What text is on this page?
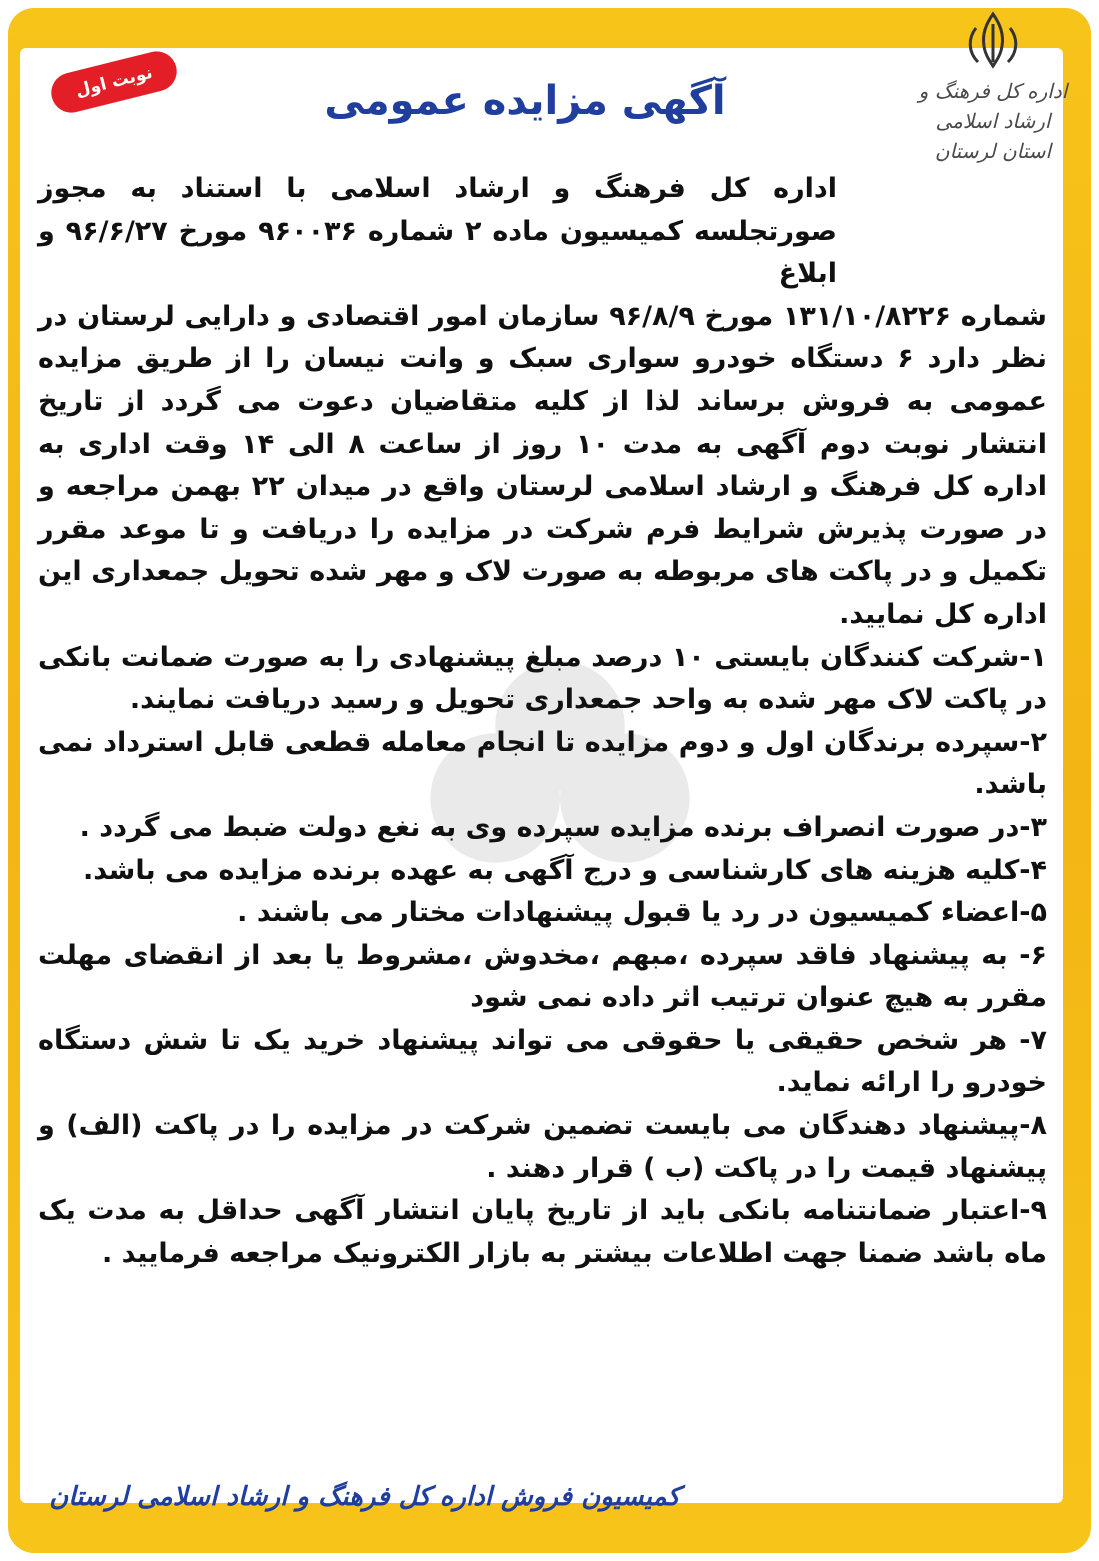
اداره کل فرهنگ و ارشاد اسلامی
استان لرستان
نوبت اول	آگهی مزایده عمومی
اداره کل فرهنگ و ارشاد اسلامی با استناد به مجوز صورتجلسه کمیسیون ماده ۲ شماره ۹۶۰۰۳۶ مورخ ۹۶/۶/۲۷ و ابلاغ
شماره ۱۳۱/۱۰/۸۲۲۶ مورخ ۹۶/۸/۹ سازمان امور اقتصادی و دارایی لرستان در نظر دارد ۶ دستگاه خودرو سواری سبک و وانت نیسان را از طریق مزایده عمومی به فروش برساند لذا از کلیه متقاضیان دعوت می گردد از تاریخ انتشار نوبت دوم آگهی به مدت ۱۰ روز از ساعت ۸ الی ۱۴ وقت اداری به اداره کل فرهنگ و ارشاد اسلامی لرستان واقع در میدان ۲۲ بهمن مراجعه و در صورت پذیرش شرایط فرم شرکت در مزایده را دریافت و تا موعد مقرر تکمیل و در پاکت های مربوطه به صورت لاک و مهر شده تحویل جمعداری این اداره کل نمایید.

۱-شرکت کنندگان بایستی ۱۰ درصد مبلغ پیشنهادی را به صورت ضمانت بانکی در پاکت لاک مهر شده به واحد جمعداری تحویل و رسید دریافت نمایند.

۲-سپرده برندگان اول و دوم مزایده تا انجام معامله قطعی قابل استرداد نمی باشد.

۳-در صورت انصراف برنده مزایده سپرده وی به نغع دولت ضبط می گردد .

۴-کلیه هزینه های کارشناسی و درج آگهی به عهده برنده مزایده می باشد.

۵-اعضاء کمیسیون در رد یا قبول پیشنهادات مختار می باشند .

۶- به پیشنهاد فاقد سپرده ،مبهم ،مخدوش ،مشروط یا بعد از انقضای مهلت مقرر به هیچ عنوان ترتیب اثر داده نمی شود

۷- هر شخص حقیقی یا حقوقی می تواند پیشنهاد خرید یک تا شش دستگاه خودرو را ارائه نماید.

۸-پیشنهاد دهندگان می بایست تضمین شرکت در مزایده را در پاکت (الف) و پیشنهاد قیمت را در پاکت (ب ) قرار دهند .

۹-اعتبار ضمانتنامه بانکی باید از تاریخ پایان انتشار آگهی حداقل به مدت یک ماه باشد ضمنا جهت اطلاعات بیشتر به بازار الکترونیک مراجعه فرمایید .

کمیسیون فروش اداره کل فرهنگ و ارشاد اسلامی لرستان
